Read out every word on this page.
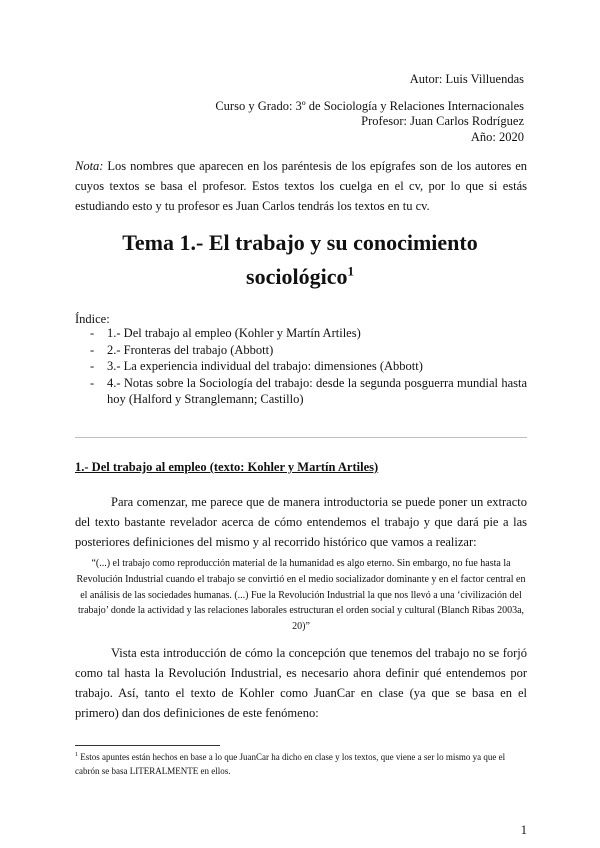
Autor: Luis Villuendas
Curso y Grado: 3º de Sociología y Relaciones Internacionales
Profesor: Juan Carlos Rodríguez
Año: 2020
Nota: Los nombres que aparecen en los paréntesis de los epígrafes son de los autores en cuyos textos se basa el profesor. Estos textos los cuelga en el cv, por lo que si estás estudiando esto y tu profesor es Juan Carlos tendrás los textos en tu cv.
Tema 1.- El trabajo y su conocimiento
sociológico$^1$
Índice:
- 1.- Del trabajo al empleo (Kohler y Martín Artiles)
- 2.- Fronteras del trabajo (Abbott)
- 3.- La experiencia individual del trabajo: dimensiones (Abbott)
- 4.- Notas sobre la Sociología del trabajo: desde la segunda posguerra mundial hasta hoy (Halford y Stranglemann; Castillo)
1.- Del trabajo al empleo (texto: Kohler y Martín Artiles)
Para comenzar, me parece que de manera introductoria se puede poner un extracto del texto bastante revelador acerca de cómo entendemos el trabajo y que dará pie a las posteriores definiciones del mismo y al recorrido histórico que vamos a realizar:
“(...) el trabajo como reproducción material de la humanidad es algo eterno. Sin embargo, no fue hasta la Revolución Industrial cuando el trabajo se convirtió en el medio socializador dominante y en el factor central en el análisis de las sociedades humanas. (...) Fue la Revolución Industrial la que nos llevó a una ‘civilización del trabajo’ donde la actividad y las relaciones laborales estructuran el orden social y cultural (Blanch Ribas 2003a, 20)”
Vista esta introducción de cómo la concepción que tenemos del trabajo no se forjó como tal hasta la Revolución Industrial, es necesario ahora definir qué entendemos por trabajo. Así, tanto el texto de Kohler como JuanCar en clase (ya que se basa en el primero) dan dos definiciones de este fenómeno:
$^1$ Estos apuntes están hechos en base a lo que JuanCar ha dicho en clase y los textos, que viene a ser lo mismo ya que el cabrón se basa LITERALMENTE en ellos.
1
